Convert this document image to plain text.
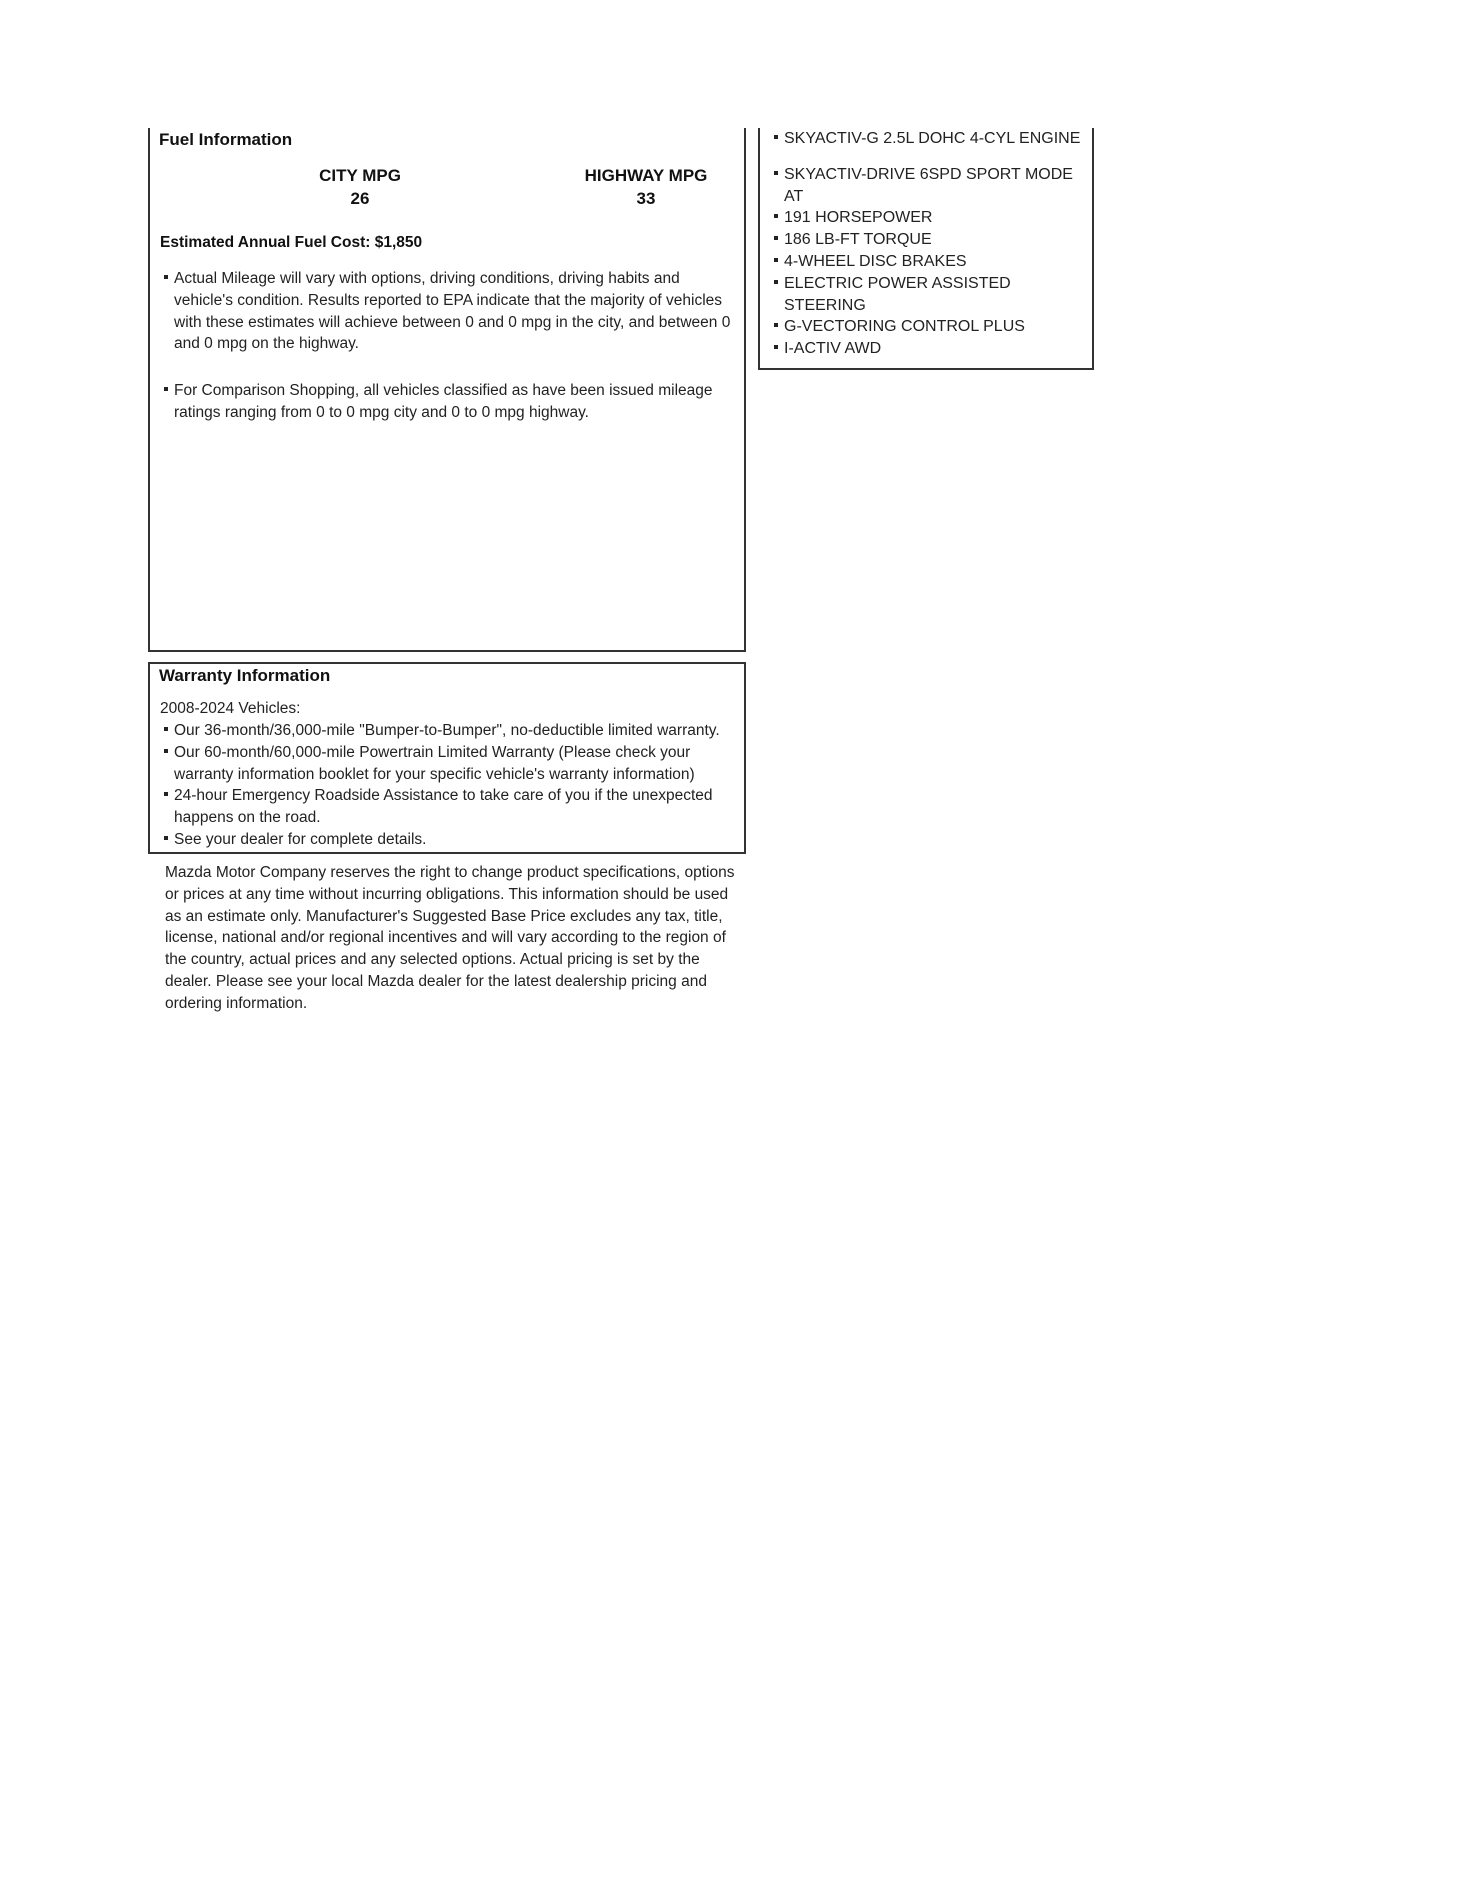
Fuel Information
CITY MPG
26
HIGHWAY MPG
33
Estimated Annual Fuel Cost: $1,850
Actual Mileage will vary with options, driving conditions, driving habits and vehicle's condition. Results reported to EPA indicate that the majority of vehicles with these estimates will achieve between 0 and 0 mpg in the city, and between 0 and 0 mpg on the highway.
For Comparison Shopping, all vehicles classified as have been issued mileage ratings ranging from 0 to 0 mpg city and 0 to 0 mpg highway.
SKYACTIV-G 2.5L DOHC 4-CYL ENGINE
SKYACTIV-DRIVE 6SPD SPORT MODE AT
191 HORSEPOWER
186 LB-FT TORQUE
4-WHEEL DISC BRAKES
ELECTRIC POWER ASSISTED STEERING
G-VECTORING CONTROL PLUS
I-ACTIV AWD
Warranty Information
2008-2024 Vehicles:
Our 36-month/36,000-mile "Bumper-to-Bumper", no-deductible limited warranty.
Our 60-month/60,000-mile Powertrain Limited Warranty (Please check your warranty information booklet for your specific vehicle's warranty information)
24-hour Emergency Roadside Assistance to take care of you if the unexpected happens on the road.
See your dealer for complete details.
Mazda Motor Company reserves the right to change product specifications, options or prices at any time without incurring obligations. This information should be used as an estimate only. Manufacturer's Suggested Base Price excludes any tax, title, license, national and/or regional incentives and will vary according to the region of the country, actual prices and any selected options. Actual pricing is set by the dealer. Please see your local Mazda dealer for the latest dealership pricing and ordering information.
